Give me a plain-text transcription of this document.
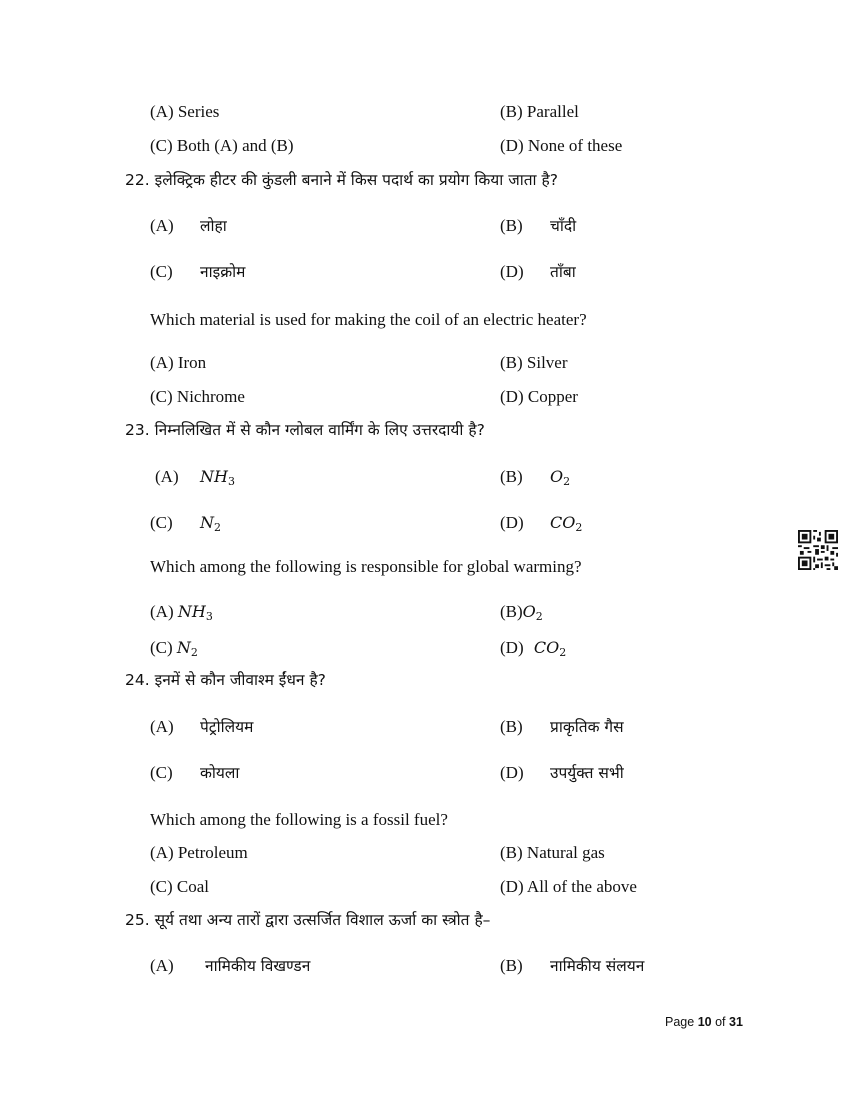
(A) Series	(B) Parallel
(C) Both (A) and (B)	(D) None of these
22. इलेक्ट्रिक हीटर की कुंडली बनाने में किस पदार्थ का प्रयोग किया जाता है?
(A) लोहा	(B) चाँदी
(C) नाइक्रोम	(D) ताँबा
Which material is used for making the coil of an electric heater?
(A) Iron	(B) Silver
(C) Nichrome	(D) Copper
23. निम्नलिखित में से कौन ग्लोबल वार्मिंग के लिए उत्तरदायी है?
(A) $NH_3$	(B) $O_2$
(C) $N_2$	(D) $CO_2$
Which among the following is responsible for global warming?
(A) $NH_3$	$(B)O_2$
(C) $N_2$	(D) $CO_2$
24. इनमें से कौन जीवाश्म ईंधन है?
(A) पेट्रोलियम	(B) प्राकृतिक गैस
(C) कोयला	(D) उपर्युक्त सभी
Which among the following is a fossil fuel?
(A) Petroleum	(B) Natural gas
(C) Coal	(D) All of the above
25. सूर्य तथा अन्य तारों द्वारा उत्सर्जित विशाल ऊर्जा का स्त्रोत है–
(A) नामिकीय विखण्डन	(B) नामिकीय संलयन
Page 10 of 31
